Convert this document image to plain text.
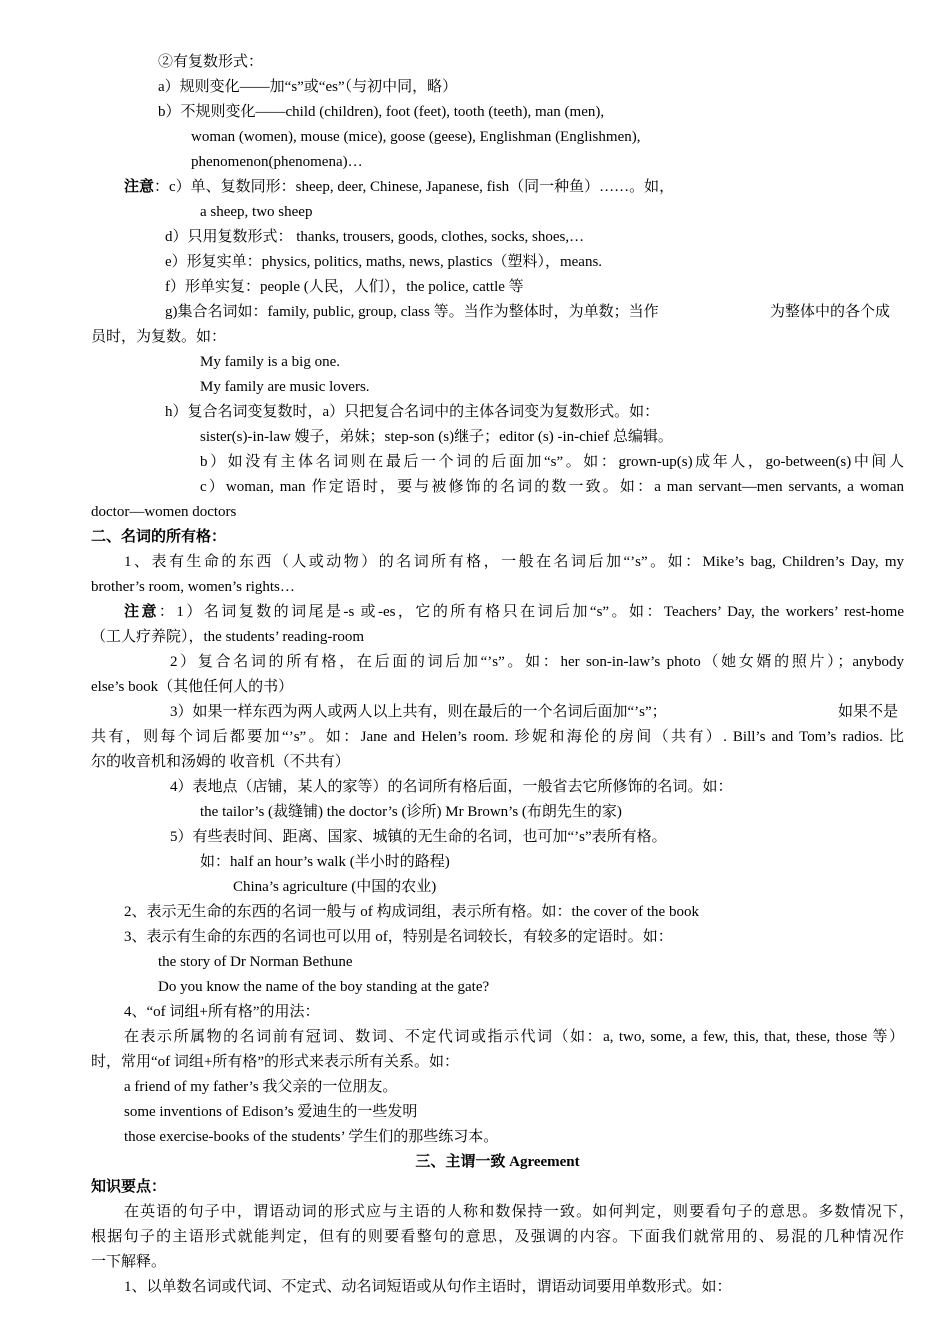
②有复数形式：
a）规则变化——加“s”或“es”（与初中同，略）
b）不规则变化——child (children), foot (feet), tooth (teeth), man (men),
woman (women), mouse (mice), goose (geese), Englishman (Englishmen),
phenomenon(phenomena)…
注意：c）单、复数同形：sheep, deer, Chinese, Japanese, fish（同一种鱼）……。如，
a sheep, two sheep
d）只用复数形式： thanks, trousers, goods, clothes, socks, shoes,…
e）形复实单：physics, politics, maths, news, plastics（塑料），means.
f）形单实复：people (人民，人们），the police, cattle 等
g)集合名词如：family, public, group, class 等。当作为整体时，为单数；当作	为整体中的各个成
员时，为复数。如：
My family is a big one.
My family are music lovers.
h）复合名词变复数时，a）只把复合名词中的主体各词变为复数形式。如：
sister(s)-in-law 嫂子，弟妹；step-son (s)继子；editor (s) -in-chief 总编辑。
b）如没有主体名词则在最后一个词的后面加“s”。如：grown-up(s)成年人，go-between(s)中间人
c）woman, man 作定语时，要与被修饰的名词的数一致。如：a man servant—men servants, a woman
doctor—women doctors
二、名词的所有格：
1、表有生命的东西（人或动物）的名词所有格，一般在名词后加“’s”。如：Mike’s bag, Children’s Day, my
brother’s room, women’s rights…
注意：1）名词复数的词尾是-s 或-es，它的所有格只在词后加“s”。如：Teachers’ Day, the workers’ rest-home
（工人疗养院），the students’ reading-room
2）复合名词的所有格，在后面的词后加“’s”。如：her son-in-law’s photo（她女婿的照片）；anybody
else’s book（其他任何人的书）
3）如果一样东西为两人或两人以上共有，则在最后的一个名词后面加“’s”；	如果不是
共有，则每个词后都要加“’s”。如：Jane and Helen’s room. 珍妮和海伦的房间（共有）. Bill’s and Tom’s radios. 比
尔的收音机和汤姆的 收音机（不共有）
4）表地点（店铺，某人的家等）的名词所有格后面，一般省去它所修饰的名词。如：
the tailor’s (裁缝铺) the doctor’s (诊所) Mr Brown’s (布朗先生的家)
5）有些表时间、距离、国家、城镇的无生命的名词，也可加“’s”表所有格。
如：half an hour’s walk (半小时的路程)
China’s agriculture (中国的农业)
2、表示无生命的东西的名词一般与 of 构成词组，表示所有格。如：the cover of the book
3、表示有生命的东西的名词也可以用 of，特别是名词较长，有较多的定语时。如：
the story of Dr Norman Bethune
Do you know the name of the boy standing at the gate?
4、“of 词组+所有格”的用法：
在表示所属物的名词前有冠词、数词、不定代词或指示代词（如：a, two, some, a few, this, that, these, those 等）
时，常用“of 词组+所有格”的形式来表示所有关系。如：
a friend of my father’s 我父亲的一位朋友。
some inventions of Edison’s 爱迪生的一些发明
those exercise-books of the students’ 学生们的那些练习本。
三、主谓一致 Agreement
知识要点：
在英语的句子中，谓语动词的形式应与主语的人称和数保持一致。如何判定，则要看句子的意思。多数情况下，
根据句子的主语形式就能判定，但有的则要看整句的意思，及强调的内容。下面我们就常用的、易混的几种情况作
一下解释。
1、以单数名词或代词、不定式、动名词短语或从句作主语时，谓语动词要用单数形式。如：
